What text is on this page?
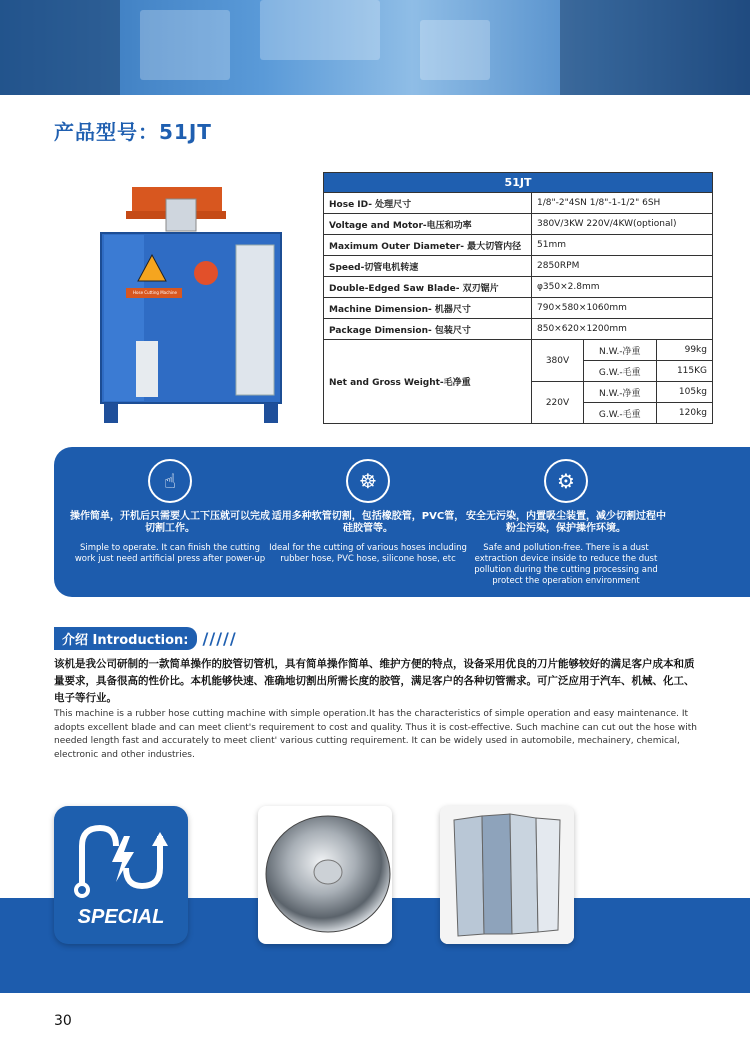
产品型号：51JT
Hose Cutting Machine
51JT			
Hose ID- 处理尺寸	1/8"-2"4SN 1/8"-1-1/2" 6SH		
Voltage and Motor-电压和功率	380V/3KW 220V/4KW(optional)		
Maximum Outer Diameter- 最大切管内径	51mm		
Speed-切管电机转速	2850RPM		
Double-Edged Saw Blade- 双刃锯片	φ350×2.8mm		
Machine Dimension- 机器尺寸	790×580×1060mm		
Package Dimension- 包装尺寸	850×620×1200mm		
Net and Gross Weight-毛净重	380V	N.W.-净重	99kg
		G.W.-毛重	115KG
	220V	N.W.-净重	105kg
		G.W.-毛重	120kg
☝
操作简单，开机后只需要人工下压就可以完成切割工作。
Simple to operate. It can finish the cutting work just need artificial press after power-up
☸
适用多种软管切割，包括橡胶管，PVC管，硅胶管等。
Ideal for the cutting of various hoses including rubber hose, PVC hose, silicone hose, etc
⚙
安全无污染，内置吸尘装置，减少切割过程中粉尘污染，保护操作环境。
Safe and pollution-free. There is a dust extraction device inside to reduce the dust pollution during the cutting processing and protect the operation environment
介绍 Introduction: /////
该机是我公司研制的一款简单操作的胶管切管机，具有简单操作简单、维护方便的特点，设备采用优良的刀片能够较好的满足客户成本和质量要求，具备很高的性价比。本机能够快速、准确地切割出所需长度的胶管，满足客户的各种切管需求。可广泛应用于汽车、机械、化工、电子等行业。
This machine is a rubber hose cutting machine with simple operation.It has the characteristics of simple operation and easy maintenance. It adopts excellent blade and can meet client's requirement to cost and quality. Thus it is cost-effective. Such machine can cut out the hose with needed length fast and accurately to meet client' various cutting requirement. It can be widely used in automobile, mechainery, chemical, electronic and other industries.
SPECIAL
30
